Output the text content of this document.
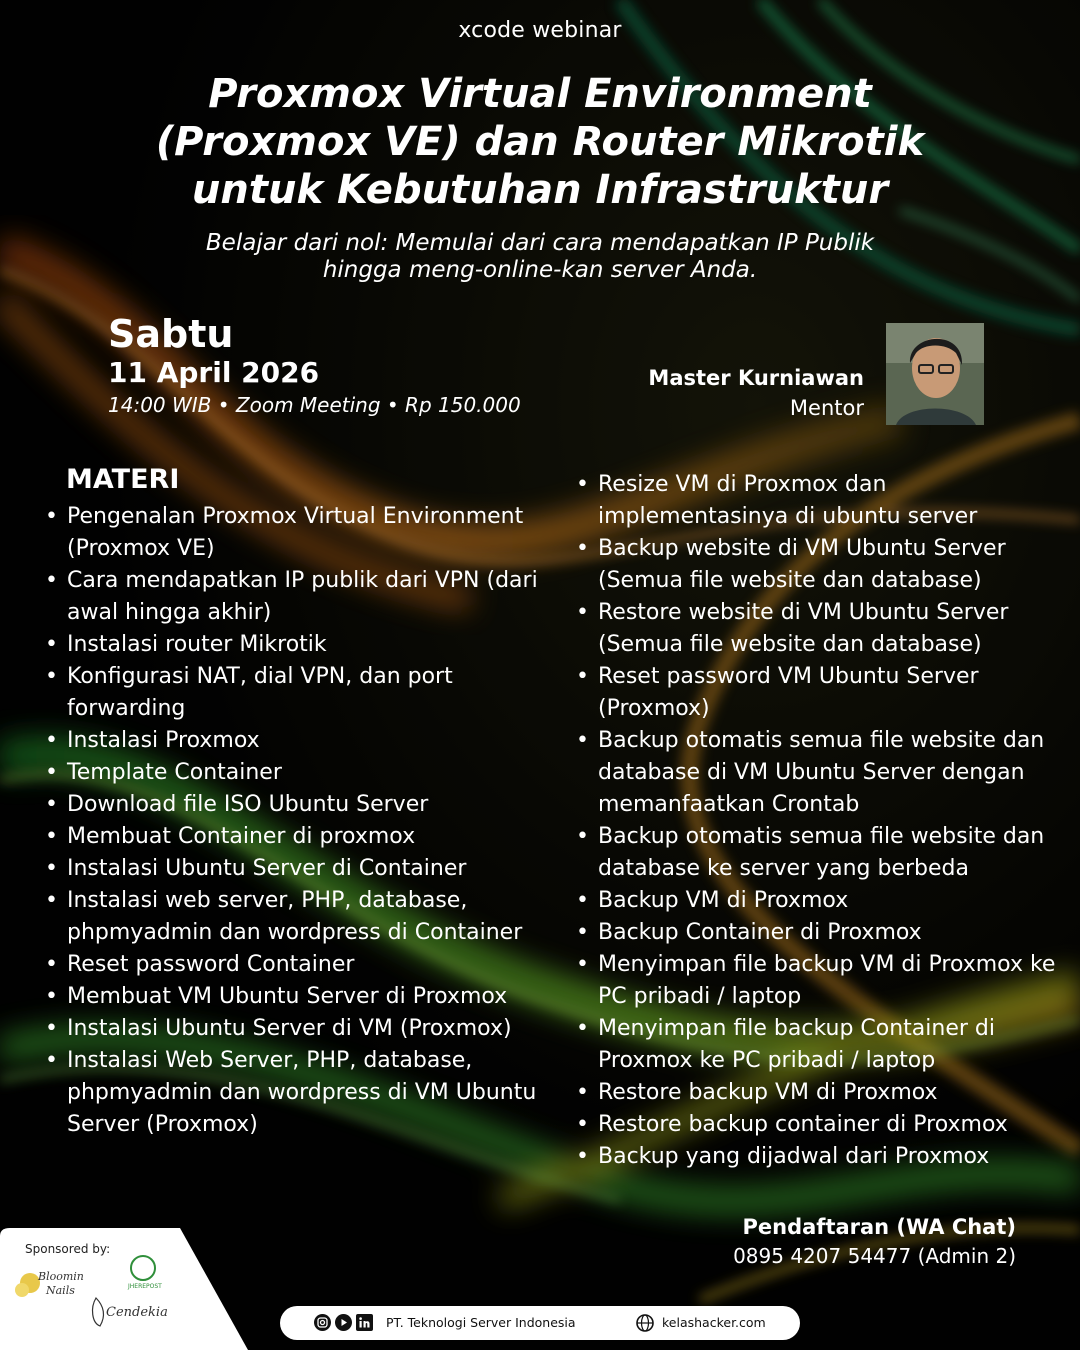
xcode webinar
Proxmox Virtual Environment
(Proxmox VE) dan Router Mikrotik
untuk Kebutuhan Infrastruktur
Belajar dari nol: Memulai dari cara mendapatkan IP Publik
hingga meng-online-kan server Anda.
Sabtu
11 April 2026
14:00 WIB • Zoom Meeting • Rp 150.000
Master Kurniawan
Mentor
MATERI
• Pengenalan Proxmox Virtual Environment (Proxmox VE)
• Cara mendapatkan IP publik dari VPN (dari awal hingga akhir)
• Instalasi router Mikrotik
• Konfigurasi NAT, dial VPN, dan port forwarding
• Instalasi Proxmox
• Template Container
• Download file ISO Ubuntu Server
• Membuat Container di proxmox
• Instalasi Ubuntu Server di Container
• Instalasi web server, PHP, database, phpmyadmin dan wordpress di Container
• Reset password Container
• Membuat VM Ubuntu Server di Proxmox
• Instalasi Ubuntu Server di VM (Proxmox)
• Instalasi Web Server, PHP, database, phpmyadmin dan wordpress di VM Ubuntu Server (Proxmox)
• Resize VM di Proxmox dan implementasinya di ubuntu server
• Backup website di VM Ubuntu Server (Semua file website dan database)
• Restore website di VM Ubuntu Server (Semua file website dan database)
• Reset password VM Ubuntu Server (Proxmox)
• Backup otomatis semua file website dan database di VM Ubuntu Server dengan memanfaatkan Crontab
• Backup otomatis semua file website dan database ke server yang berbeda
• Backup VM di Proxmox
• Backup Container di Proxmox
• Menyimpan file backup VM di Proxmox ke PC pribadi / laptop
• Menyimpan file backup Container di Proxmox ke PC pribadi / laptop
• Restore backup VM di Proxmox
• Restore backup container di Proxmox
• Backup yang dijadwal dari Proxmox
Pendaftaran (WA Chat)
0895 4207 54477 (Admin 2)
Bloomin
Nails	JHEREPOST
Cendekia
Sponsored by:
PT. Teknologi Server Indonesia	kelashacker.com
